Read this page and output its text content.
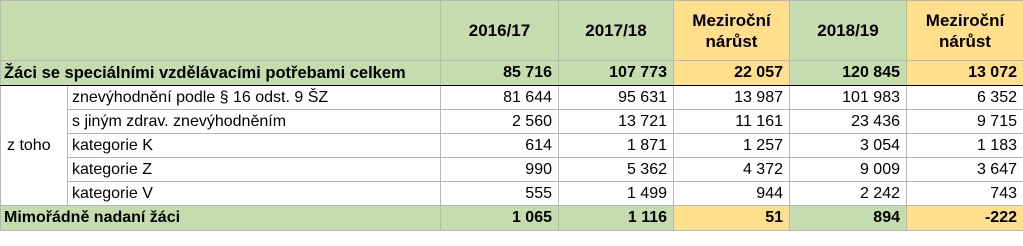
		2016/17	2017/18	Meziroční nárůst	2018/19	Meziroční nárůst
Žáci se speciálními vzdělávacími potřebami celkem		85 716	107 773	22 057	120 845	13 072
z toho	znevýhodnění podle § 16 odst. 9 ŠZ	81 644	95 631	13 987	101 983	6 352
	s jiným zdrav. znevýhodněním	2 560	13 721	11 161	23 436	9 715
	kategorie K	614	1 871	1 257	3 054	1 183
	kategorie Z	990	5 362	4 372	9 009	3 647
	kategorie V	555	1 499	944	2 242	743
Mimořádně nadaní žáci		1 065	1 116	51	894	-222
